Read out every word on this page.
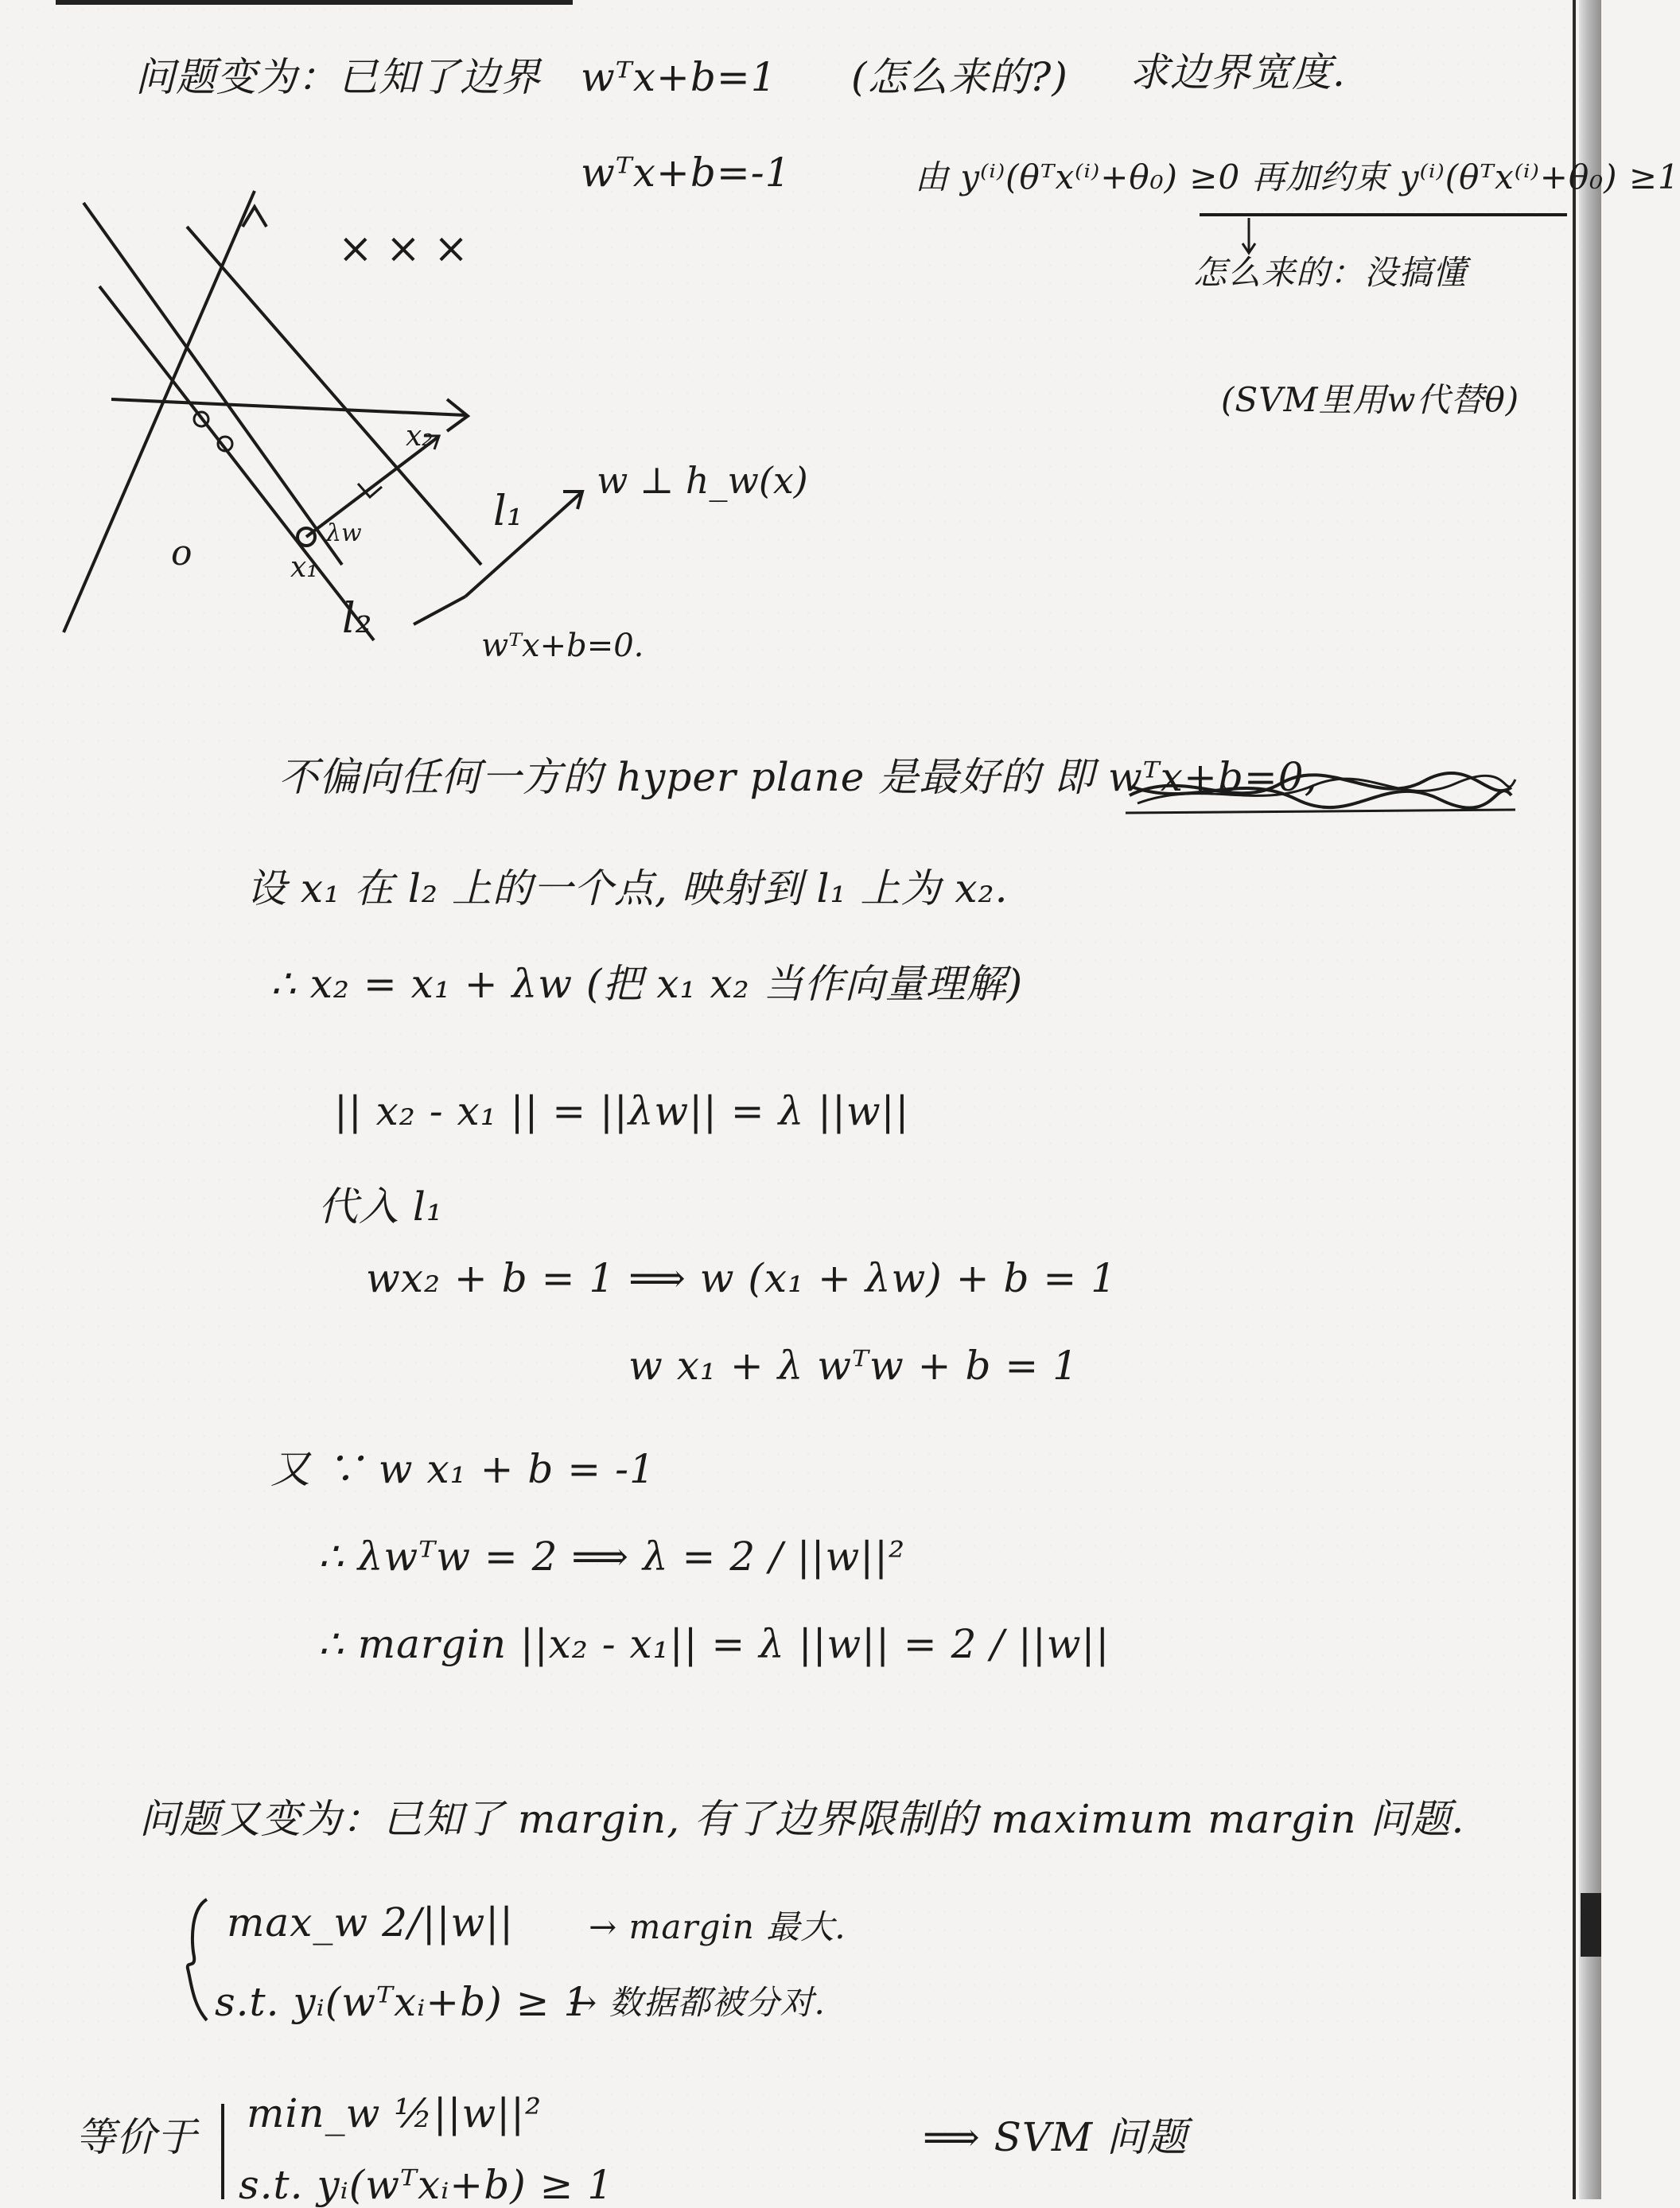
问题变为：已知了边界 wᵀx+b=1 (怎么来的?) 求边界宽度.
wᵀx+b=-1	由 y⁽ⁱ⁾(θᵀx⁽ⁱ⁾+θ₀) ≥0 再加约束 y⁽ⁱ⁾(θᵀx⁽ⁱ⁾+θ₀) ≥1
怎么来的：没搞懂
(SVM里用w代替θ)
× × ×
o	x₁
x₂
λw	l₁
l₂
w ⊥ h_w(x)
wᵀx+b=0.
不偏向任何一方的 hyper plane 是最好的 即 wᵀx+b=0,
设 x₁ 在 l₂ 上的一个点, 映射到 l₁ 上为 x₂.
∴ x₂ = x₁ + λw (把 x₁ x₂ 当作向量理解)
|| x₂ - x₁ || = ||λw|| = λ ||w||
代入 l₁
wx₂ + b = 1 ⟹ w (x₁ + λw) + b = 1
w x₁ + λ wᵀw + b = 1
又 ∵ w x₁ + b = -1
∴ λwᵀw = 2 ⟹ λ = 2 / ||w||²
∴ margin ||x₂ - x₁|| = λ ||w|| = 2 / ||w||
问题又变为：已知了 margin, 有了边界限制的 maximum margin 问题.
max_w 2/||w|| → margin 最大.
s.t. yᵢ(wᵀxᵢ+b) ≥ 1
→ 数据都被分对.
等价于
min_w ½||w||²
s.t. yᵢ(wᵀxᵢ+b) ≥ 1
⟹ SVM 问题
